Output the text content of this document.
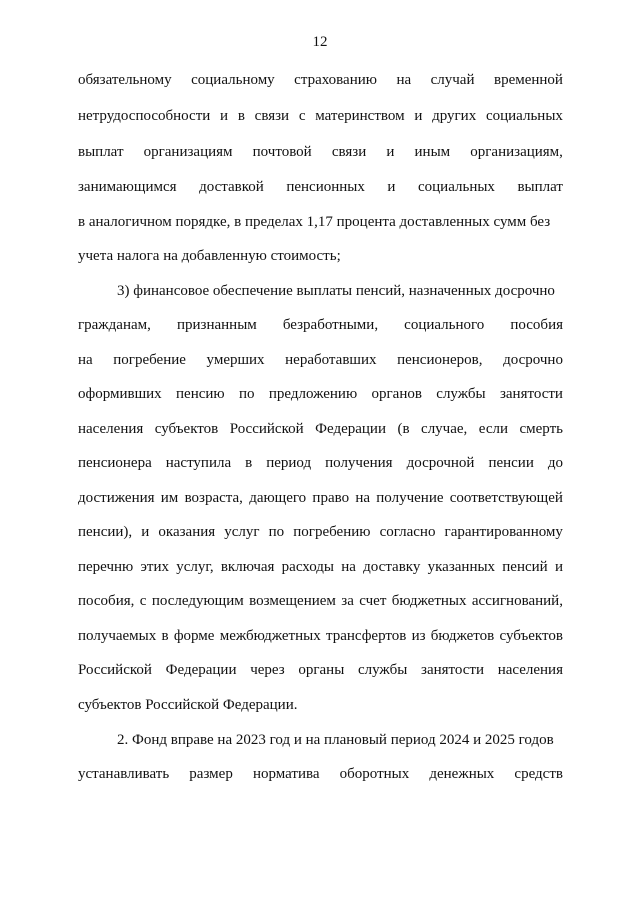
12
обязательному социальному страхованию на случай временной
нетрудоспособности и в связи с материнством и других социальных
выплат организациям почтовой связи и иным организациям,
занимающимся доставкой пенсионных и социальных выплат
в аналогичном порядке, в пределах 1,17 процента доставленных сумм без
учета налога на добавленную стоимость;
3) финансовое обеспечение выплаты пенсий, назначенных досрочно
гражданам, признанным безработными, социального пособия
на погребение умерших неработавших пенсионеров, досрочно
оформивших пенсию по предложению органов службы занятости
населения субъектов Российской Федерации (в случае, если смерть
пенсионера наступила в период получения досрочной пенсии до
достижения им возраста, дающего право на получение соответствующей
пенсии), и оказания услуг по погребению согласно гарантированному
перечню этих услуг, включая расходы на доставку указанных пенсий и
пособия, с последующим возмещением за счет бюджетных ассигнований,
получаемых в форме межбюджетных трансфертов из бюджетов субъектов
Российской Федерации через органы службы занятости населения
субъектов Российской Федерации.
2. Фонд вправе на 2023 год и на плановый период 2024 и 2025 годов
устанавливать размер норматива оборотных денежных средств
